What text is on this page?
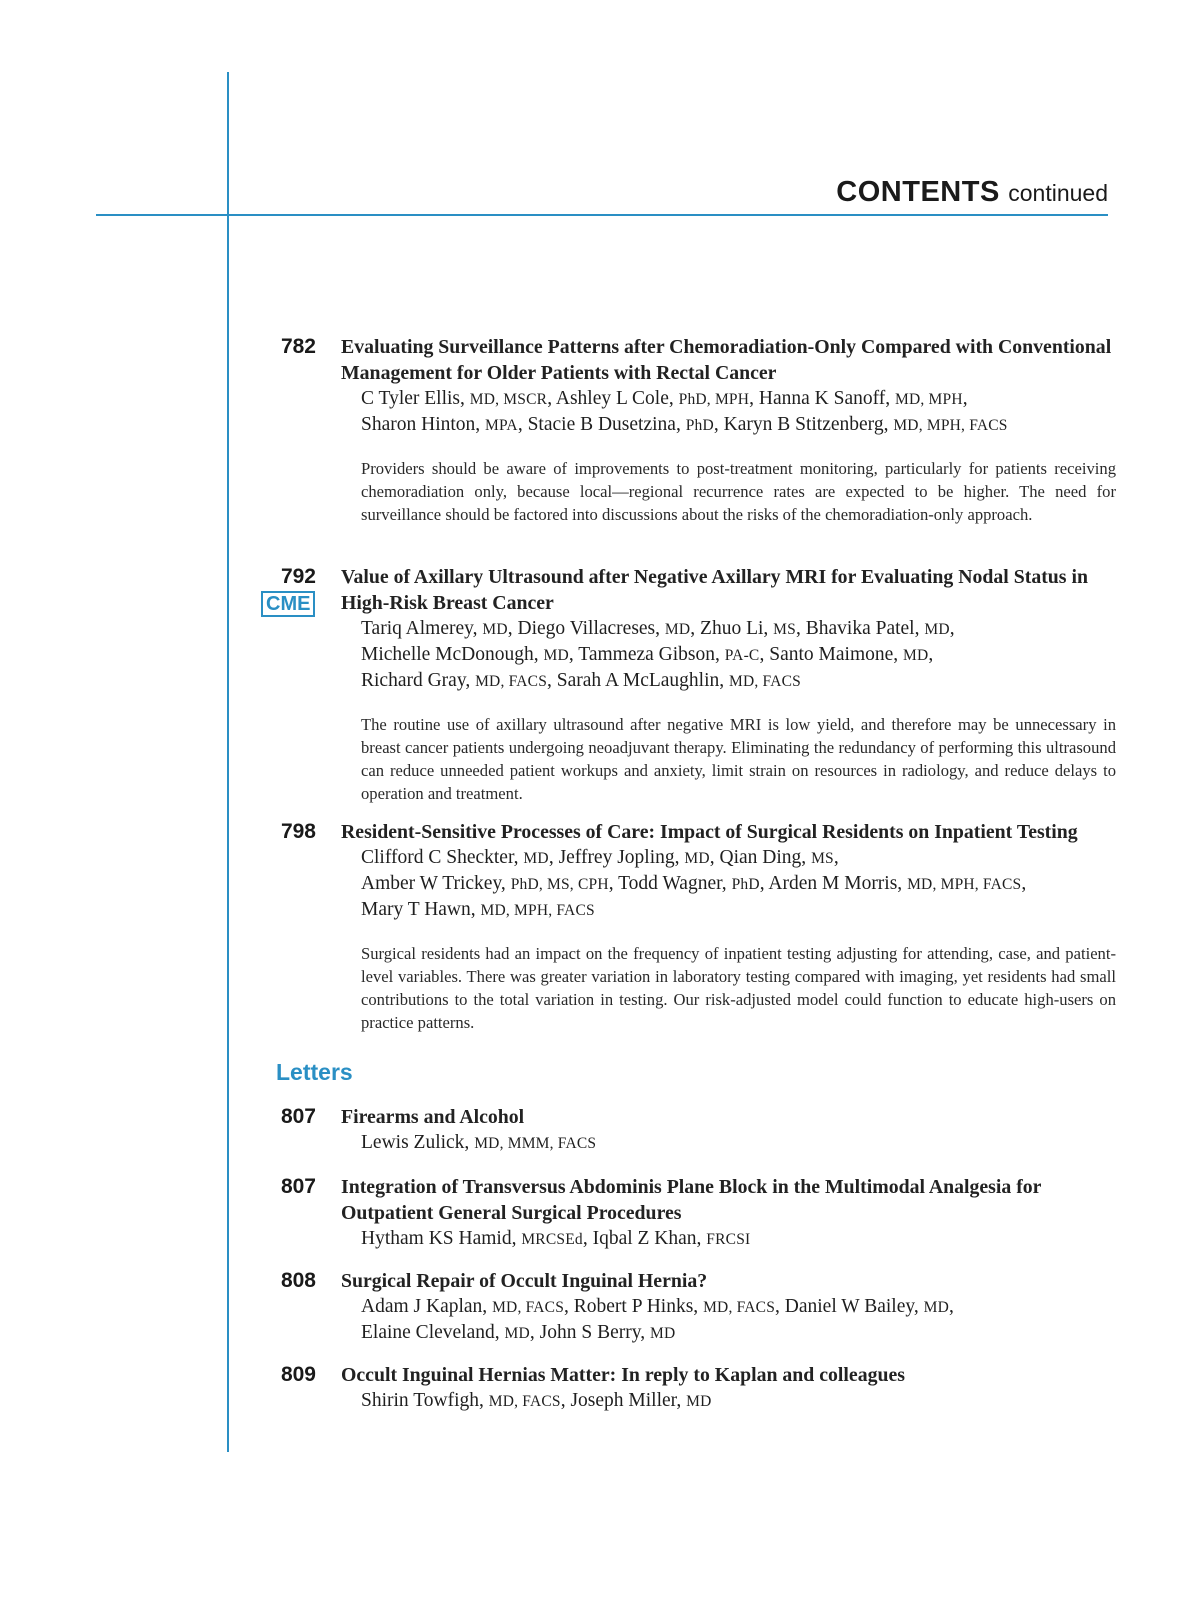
CONTENTS continued
782 Evaluating Surveillance Patterns after Chemoradiation-Only Compared with Conventional Management for Older Patients with Rectal Cancer
C Tyler Ellis, MD, MSCR, Ashley L Cole, PhD, MPH, Hanna K Sanoff, MD, MPH,
Sharon Hinton, MPA, Stacie B Dusetzina, PhD, Karyn B Stitzenberg, MD, MPH, FACS
Providers should be aware of improvements to post-treatment monitoring, particularly for patients receiving chemoradiation only, because local—regional recurrence rates are expected to be higher. The need for surveillance should be factored into discussions about the risks of the chemoradiation-only approach.
792
CME
Value of Axillary Ultrasound after Negative Axillary MRI for Evaluating Nodal Status in High-Risk Breast Cancer
Tariq Almerey, MD, Diego Villacreses, MD, Zhuo Li, MS, Bhavika Patel, MD,
Michelle McDonough, MD, Tammeza Gibson, PA-C, Santo Maimone, MD,
Richard Gray, MD, FACS, Sarah A McLaughlin, MD, FACS
The routine use of axillary ultrasound after negative MRI is low yield, and therefore may be unnecessary in breast cancer patients undergoing neoadjuvant therapy. Eliminating the redundancy of performing this ultrasound can reduce unneeded patient workups and anxiety, limit strain on resources in radiology, and reduce delays to operation and treatment.
798 Resident-Sensitive Processes of Care: Impact of Surgical Residents on Inpatient Testing
Clifford C Sheckter, MD, Jeffrey Jopling, MD, Qian Ding, MS,
Amber W Trickey, PhD, MS, CPH, Todd Wagner, PhD, Arden M Morris, MD, MPH, FACS,
Mary T Hawn, MD, MPH, FACS
Surgical residents had an impact on the frequency of inpatient testing adjusting for attending, case, and patient-level variables. There was greater variation in laboratory testing compared with imaging, yet residents had small contributions to the total variation in testing. Our risk-adjusted model could function to educate high-users on practice patterns.
Letters
807 Firearms and Alcohol
Lewis Zulick, MD, MMM, FACS
807 Integration of Transversus Abdominis Plane Block in the Multimodal Analgesia for Outpatient General Surgical Procedures
Hytham KS Hamid, MRCSEd, Iqbal Z Khan, FRCSI
808 Surgical Repair of Occult Inguinal Hernia?
Adam J Kaplan, MD, FACS, Robert P Hinks, MD, FACS, Daniel W Bailey, MD,
Elaine Cleveland, MD, John S Berry, MD
809 Occult Inguinal Hernias Matter: In reply to Kaplan and colleagues
Shirin Towfigh, MD, FACS, Joseph Miller, MD
